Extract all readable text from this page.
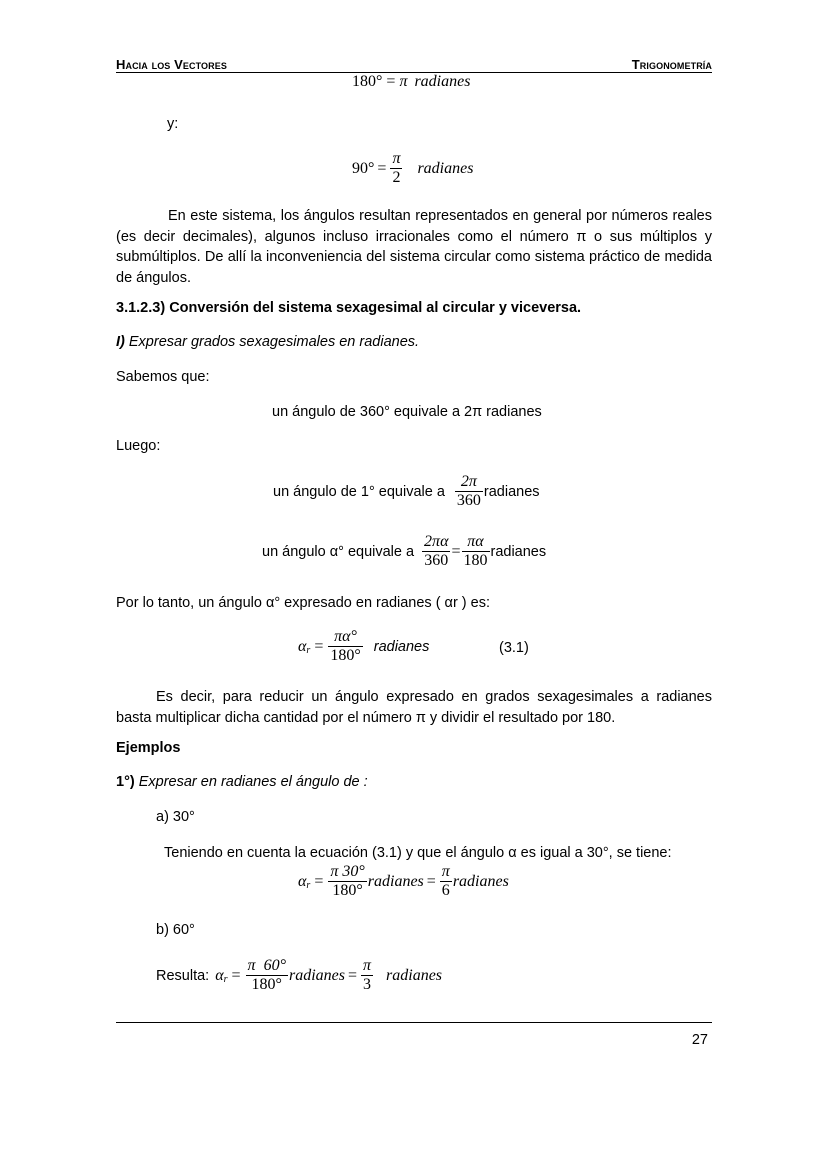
Hacia los Vectores	Trigonometría
180° = π radianes
y:
$90^\circ = \frac{\pi}{2}$ radianes
En este sistema, los ángulos resultan representados en general por números reales (es decir decimales), algunos incluso irracionales como el número π o sus múltiplos y submúltiplos. De allí la inconveniencia del sistema circular como sistema práctico de medida de ángulos.
3.1.2.3) Conversión del sistema sexagesimal al circular y viceversa.
I) Expresar grados sexagesimales en radianes.
Sabemos que:
un ángulo de 360° equivale a 2π radianes
Luego:
un ángulo de 1° equivale a $\frac{2\pi}{360}$ radianes
un ángulo α° equivale a $\frac{2\pi\alpha}{360} = \frac{\pi\alpha}{180}$ radianes
Por lo tanto, un ángulo α° expresado en radianes ( αr ) es:
$\alpha_r = \frac{\pi\alpha^\circ}{180^\circ}$ radianes	(3.1)
Es decir, para reducir un ángulo expresado en grados sexagesimales a radianes basta multiplicar dicha cantidad por el número π y dividir el resultado por 180.
Ejemplos
1°) Expresar en radianes el ángulo de :
a) 30°
Teniendo en cuenta la ecuación (3.1) y que el ángulo α es igual a 30°, se tiene:
$\alpha_r = \frac{\pi 30^\circ}{180^\circ}$ radianes = $\frac{\pi}{6}$ radianes
b) 60°
Resulta: $\alpha_r = \frac{\pi 60^\circ}{180^\circ}$ radianes = $\frac{\pi}{3}$ radianes
27
